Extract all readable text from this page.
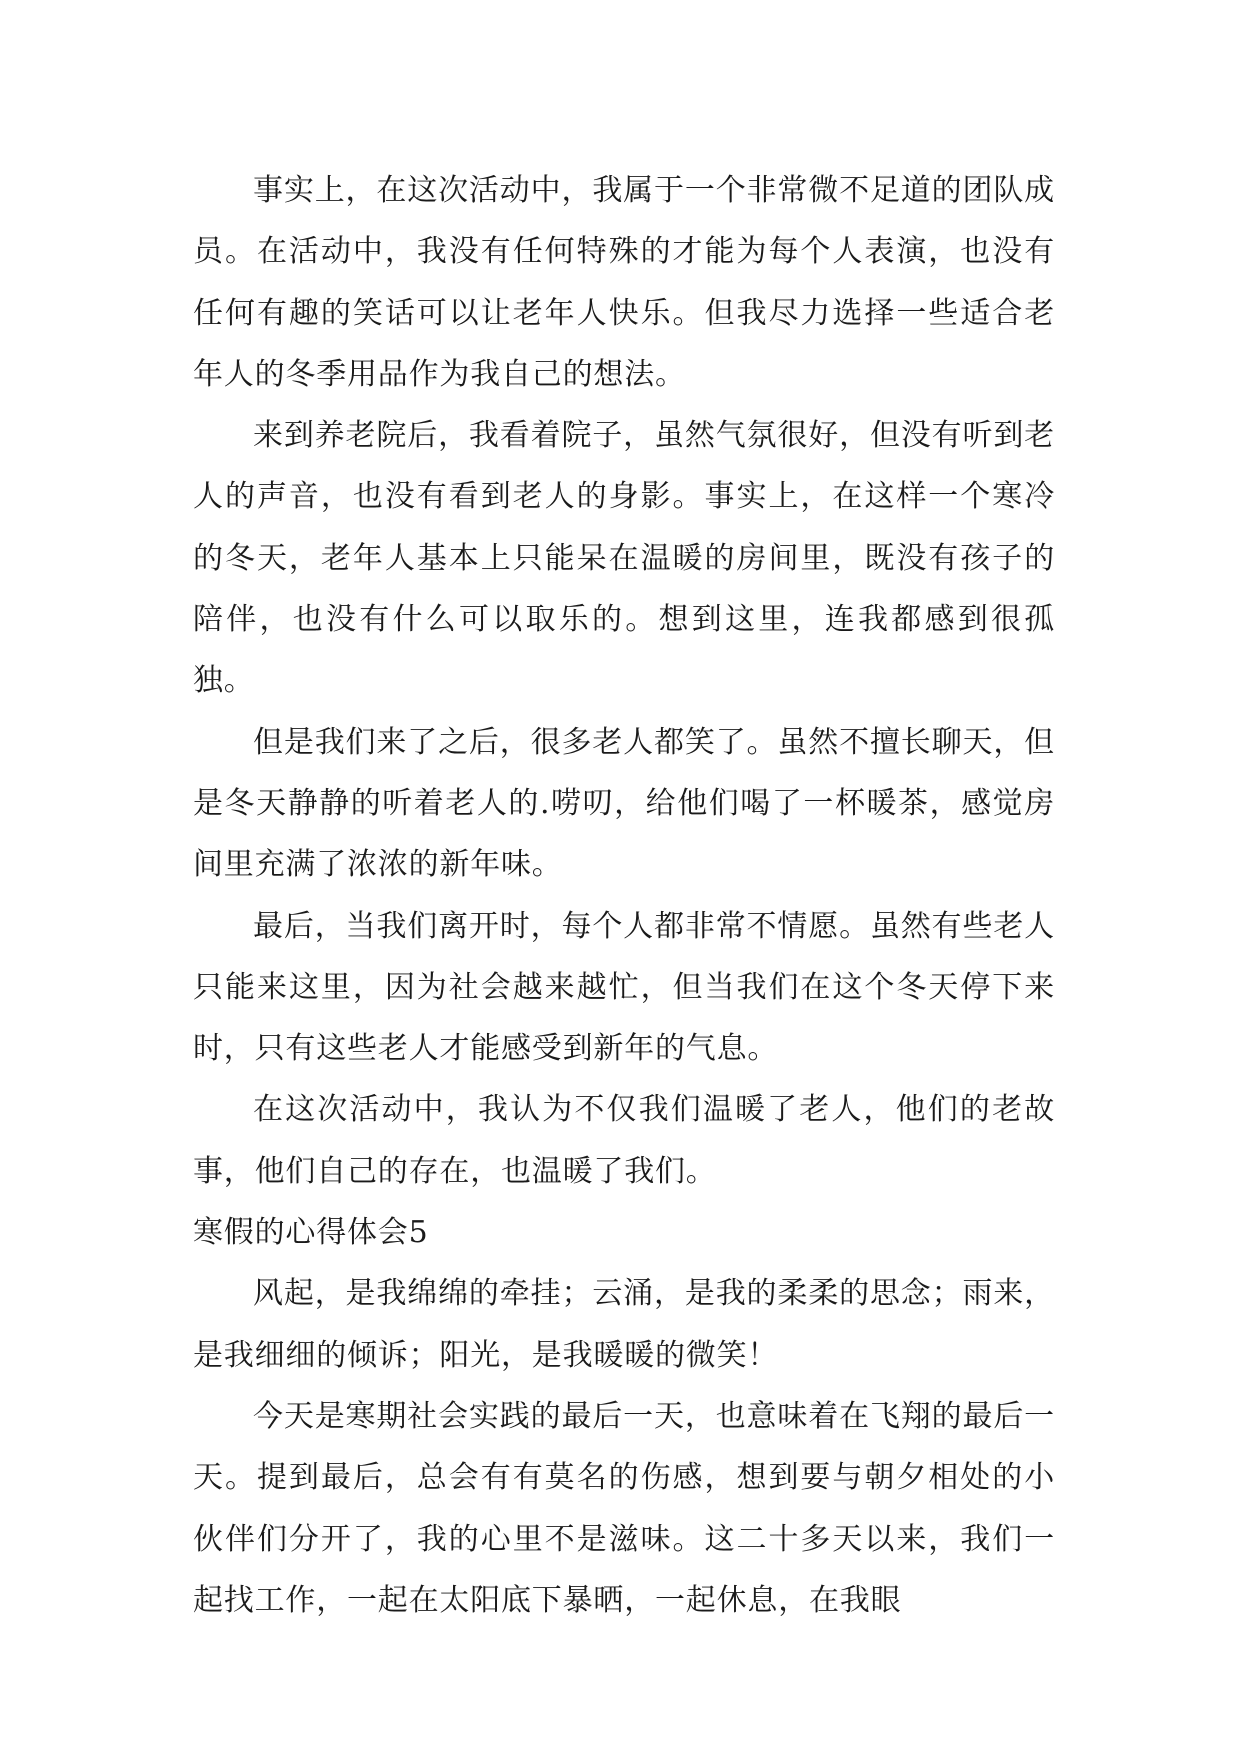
事实上，在这次活动中，我属于一个非常微不足道的团队成员。在活动中，我没有任何特殊的才能为每个人表演，也没有任何有趣的笑话可以让老年人快乐。但我尽力选择一些适合老年人的冬季用品作为我自己的想法。

来到养老院后，我看着院子，虽然气氛很好，但没有听到老人的声音，也没有看到老人的身影。事实上，在这样一个寒冷的冬天，老年人基本上只能呆在温暖的房间里，既没有孩子的陪伴，也没有什么可以取乐的。想到这里，连我都感到很孤独。

但是我们来了之后，很多老人都笑了。虽然不擅长聊天，但是冬天静静的听着老人的.唠叨，给他们喝了一杯暖茶，感觉房间里充满了浓浓的新年味。

最后，当我们离开时，每个人都非常不情愿。虽然有些老人只能来这里，因为社会越来越忙，但当我们在这个冬天停下来时，只有这些老人才能感受到新年的气息。

在这次活动中，我认为不仅我们温暖了老人，他们的老故事，他们自己的存在，也温暖了我们。

寒假的心得体会5

风起，是我绵绵的牵挂；云涌，是我的柔柔的思念；雨来，是我细细的倾诉；阳光，是我暖暖的微笑！

今天是寒期社会实践的最后一天，也意味着在飞翔的最后一天。提到最后，总会有有莫名的伤感，想到要与朝夕相处的小伙伴们分开了，我的心里不是滋味。这二十多天以来，我们一起找工作，一起在太阳底下暴晒，一起休息，在我眼
